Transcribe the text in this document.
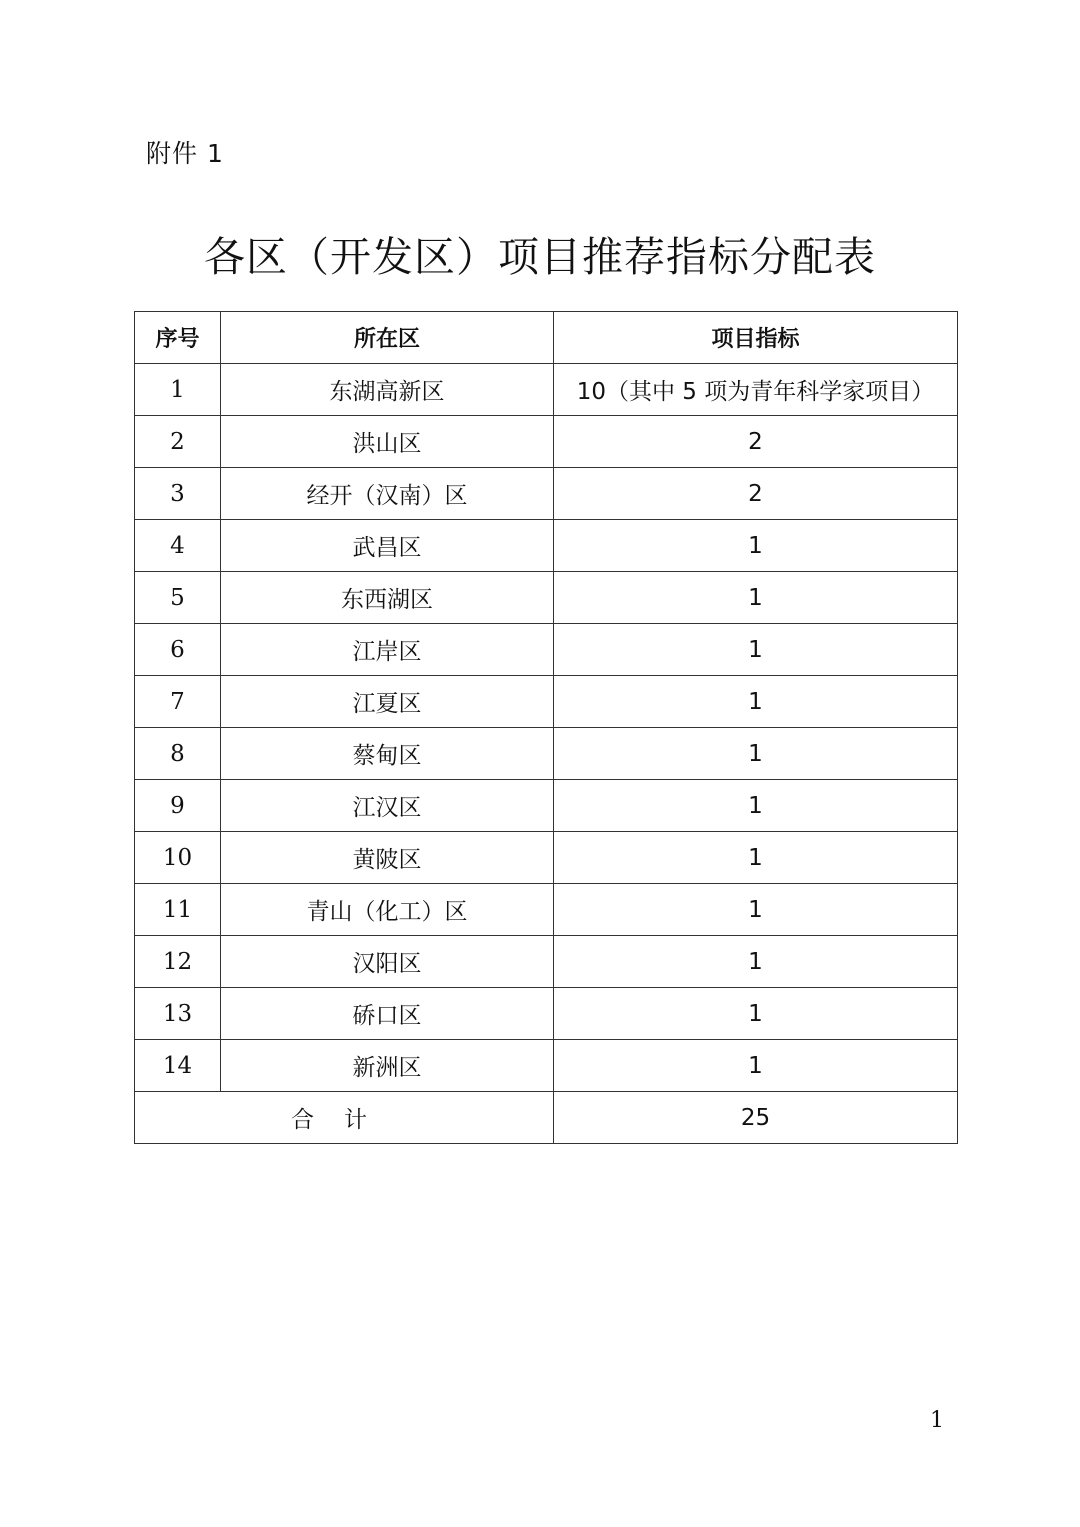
附件 1
各区（开发区）项目推荐指标分配表
序号	所在区	项目指标
1	东湖高新区	10（其中 5 项为青年科学家项目）
2	洪山区	2
3	经开（汉南）区	2
4	武昌区	1
5	东西湖区	1
6	江岸区	1
7	江夏区	1
8	蔡甸区	1
9	江汉区	1
10	黄陂区	1
11	青山（化工）区	1
12	汉阳区	1
13	硚口区	1
14	新洲区	1
合计		25
1
